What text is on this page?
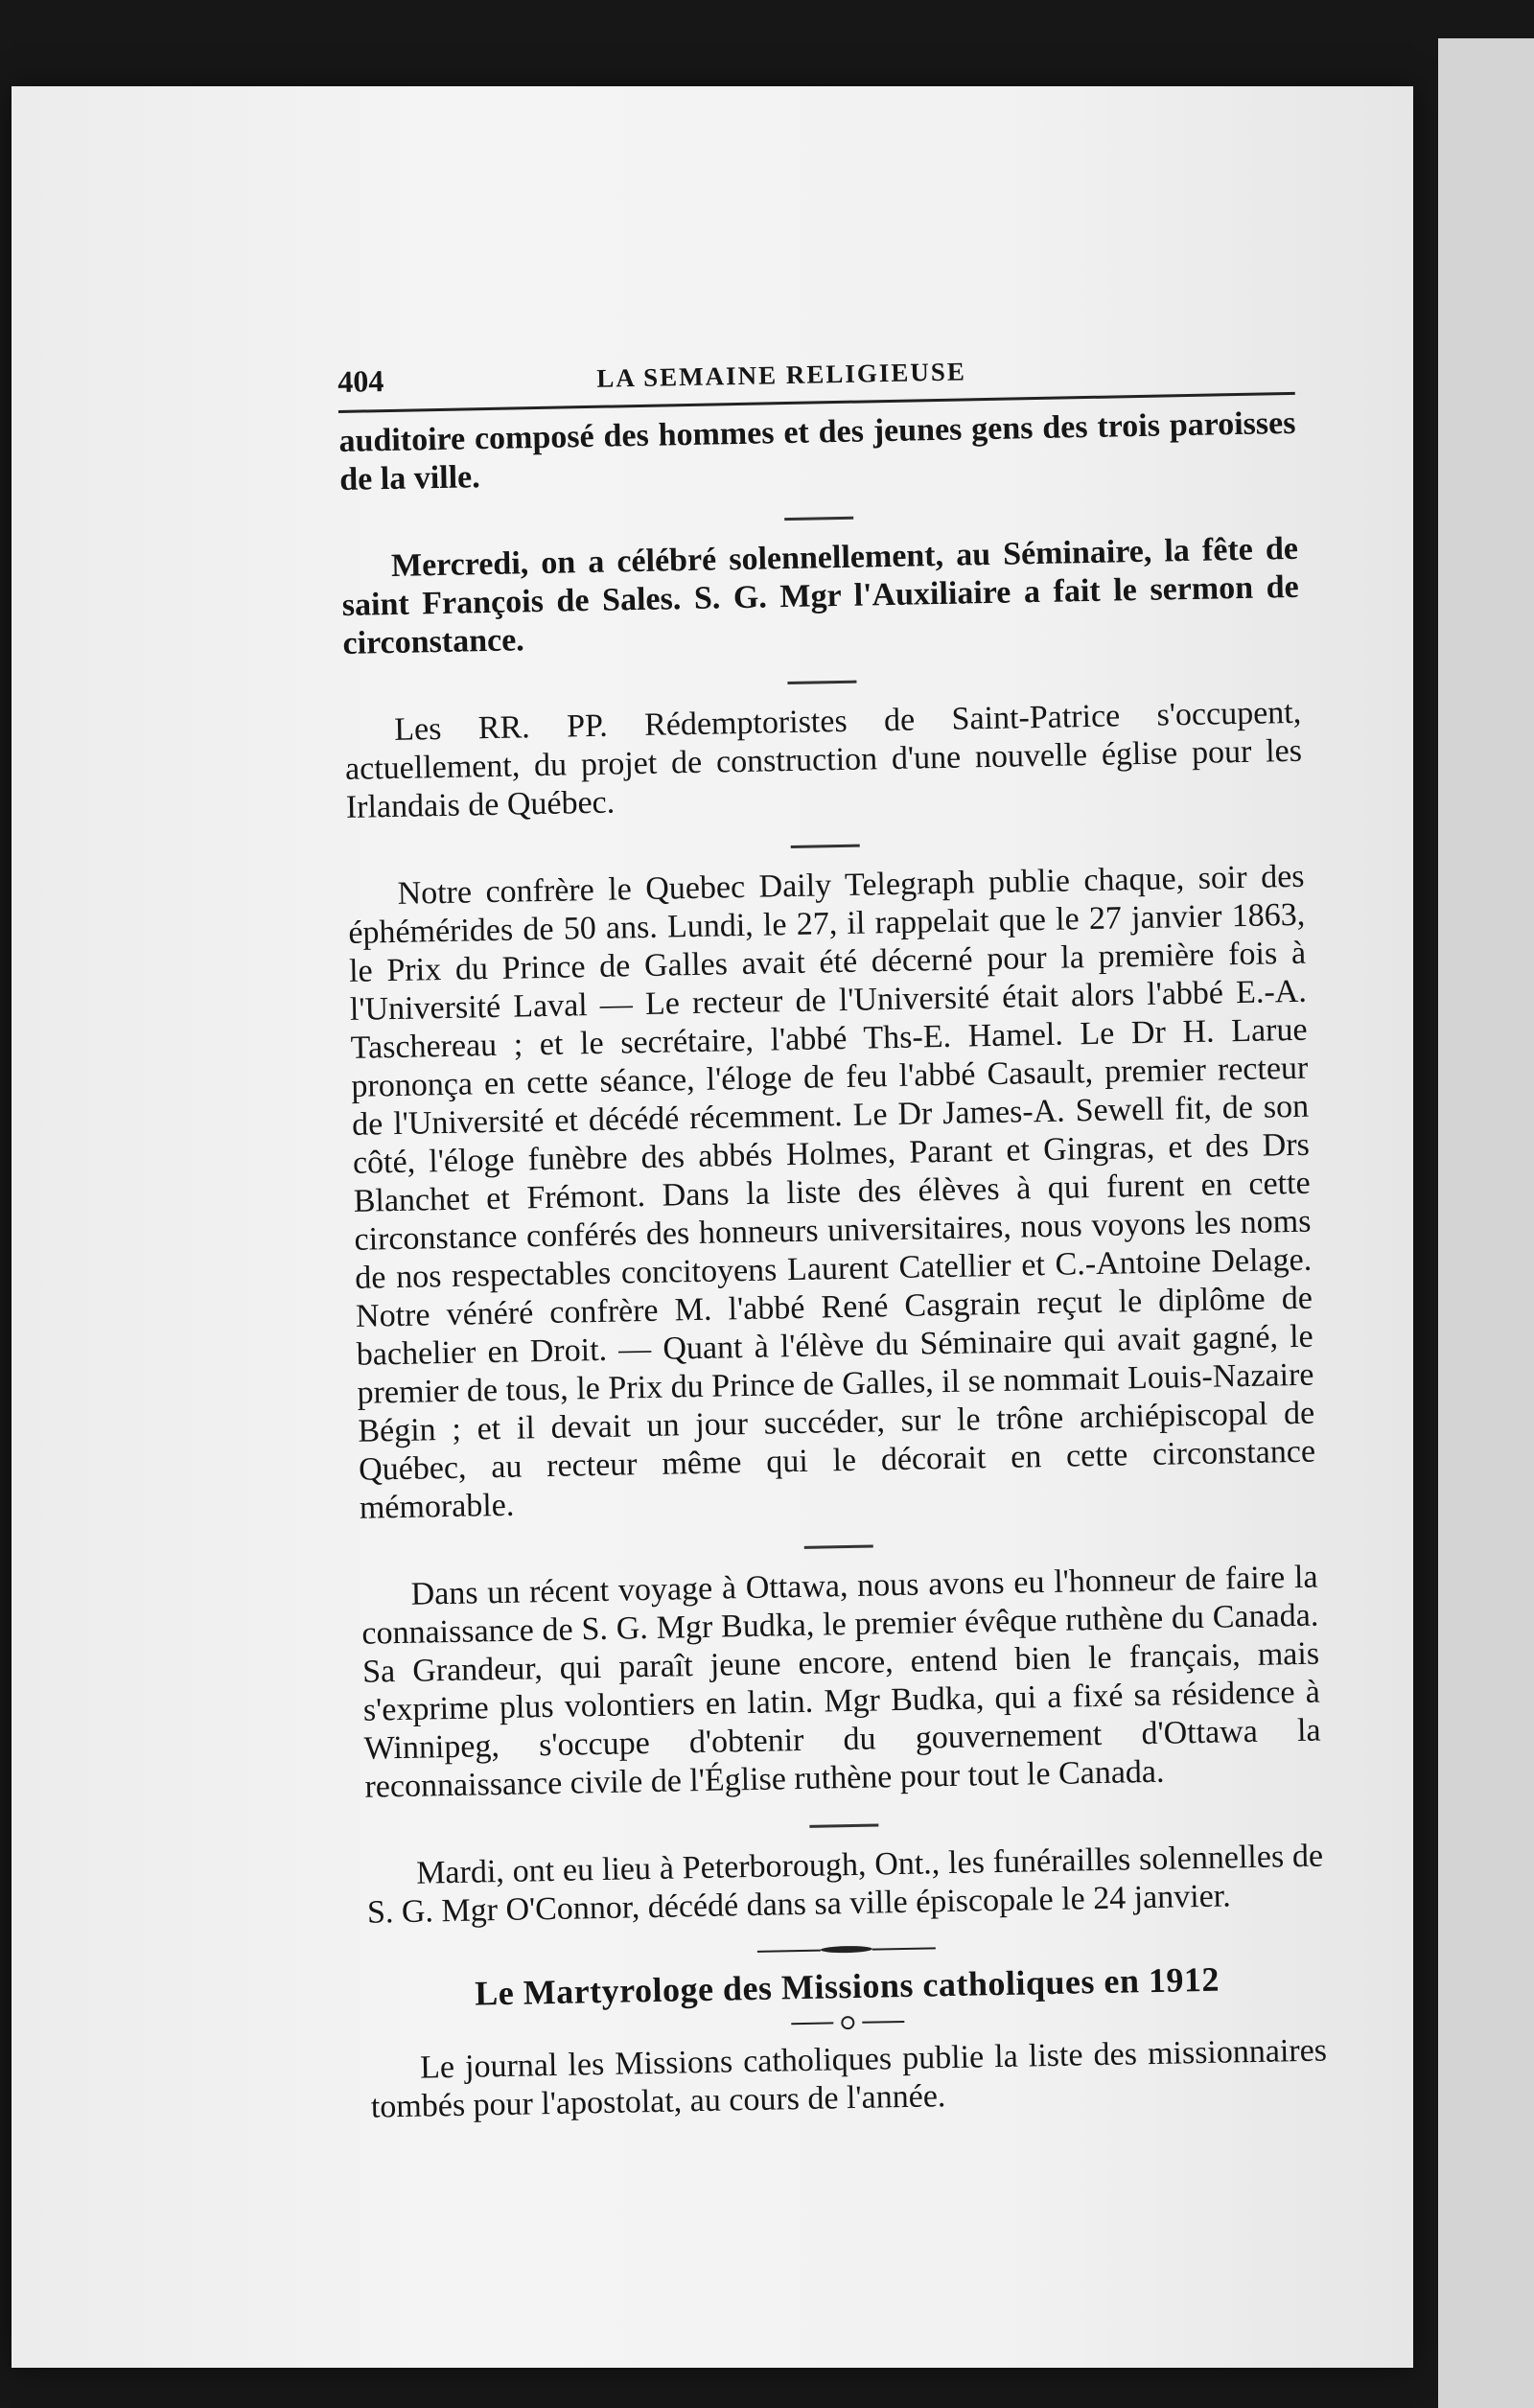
404	LA SEMAINE RELIGIEUSE

auditoire composé des hommes et des jeunes gens des trois paroisses de la ville.

Mercredi, on a célébré solennellement, au Séminaire, la fête de saint François de Sales. S. G. Mgr l'Auxiliaire a fait le sermon de circonstance.

Les RR. PP. Rédemptoristes de Saint-Patrice s'occupent, actuellement, du projet de construction d'une nouvelle église pour les Irlandais de Québec.

Notre confrère le Quebec Daily Telegraph publie chaque, soir des éphémérides de 50 ans. Lundi, le 27, il rappelait que le 27 janvier 1863, le Prix du Prince de Galles avait été décerné pour la première fois à l'Université Laval — Le recteur de l'Université était alors l'abbé E.-A. Taschereau ; et le secrétaire, l'abbé Ths-E. Hamel. Le Dr H. Larue prononça en cette séance, l'éloge de feu l'abbé Casault, premier recteur de l'Université et décédé récemment. Le Dr James-A. Sewell fit, de son côté, l'éloge funèbre des abbés Holmes, Parant et Gingras, et des Drs Blanchet et Frémont. Dans la liste des élèves à qui furent en cette circonstance conférés des honneurs universitaires, nous voyons les noms de nos respectables concitoyens Laurent Catellier et C.-Antoine Delage. Notre vénéré confrère M. l'abbé René Casgrain reçut le diplôme de bachelier en Droit. — Quant à l'élève du Séminaire qui avait gagné, le premier de tous, le Prix du Prince de Galles, il se nommait Louis-Nazaire Bégin ; et il devait un jour succéder, sur le trône archiépiscopal de Québec, au recteur même qui le décorait en cette circonstance mémorable.

Dans un récent voyage à Ottawa, nous avons eu l'honneur de faire la connaissance de S. G. Mgr Budka, le premier évêque ruthène du Canada. Sa Grandeur, qui paraît jeune encore, entend bien le français, mais s'exprime plus volontiers en latin. Mgr Budka, qui a fixé sa résidence à Winnipeg, s'occupe d'obtenir du gouvernement d'Ottawa la reconnaissance civile de l'Église ruthène pour tout le Canada.

Mardi, ont eu lieu à Peterborough, Ont., les funérailles solennelles de S. G. Mgr O'Connor, décédé dans sa ville épiscopale le 24 janvier.

Le Martyrologe des Missions catholiques en 1912

Le journal les Missions catholiques publie la liste des missionnaires tombés pour l'apostolat, au cours de l'année.
